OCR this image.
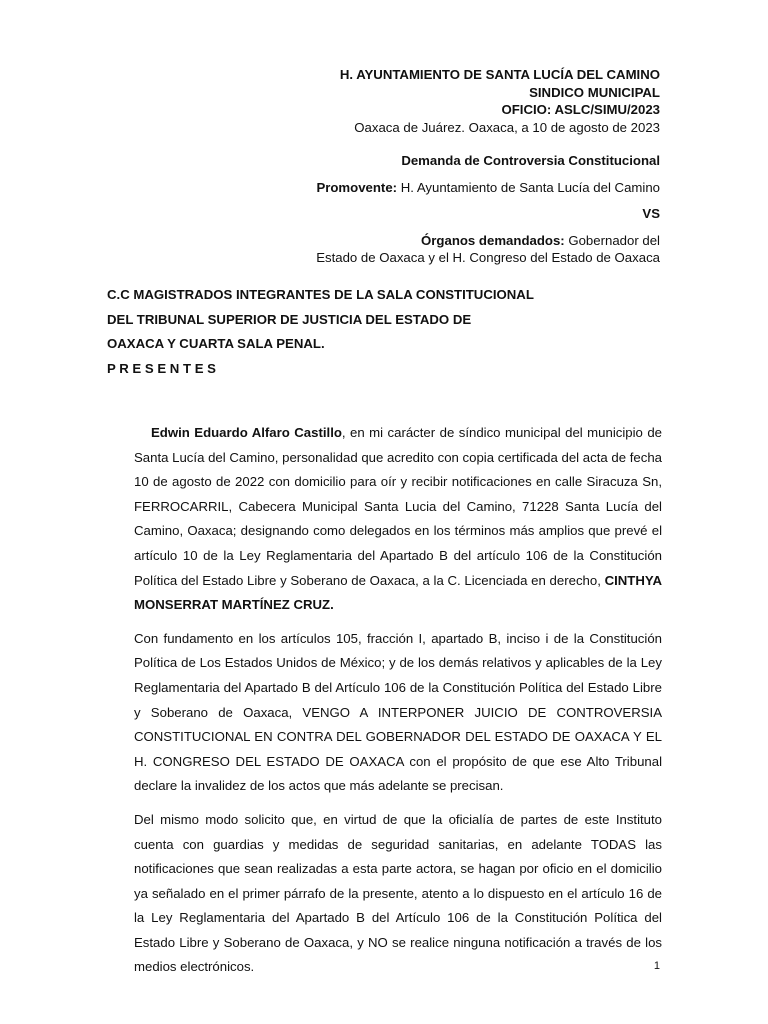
H. AYUNTAMIENTO DE SANTA LUCÍA DEL CAMINO
SINDICO MUNICIPAL
OFICIO: ASLC/SIMU/2023
Oaxaca de Juárez. Oaxaca, a 10 de agosto de 2023
Demanda de Controversia Constitucional
Promovente: H. Ayuntamiento de Santa Lucía del Camino
VS
Órganos demandados: Gobernador del
Estado de Oaxaca y el H. Congreso del Estado de Oaxaca
C.C MAGISTRADOS INTEGRANTES DE LA SALA CONSTITUCIONAL
DEL TRIBUNAL SUPERIOR DE JUSTICIA DEL ESTADO DE
OAXACA Y CUARTA SALA PENAL.
P R E S E N T E S

Edwin Eduardo Alfaro Castillo, en mi carácter de síndico municipal del municipio de Santa Lucía del Camino, personalidad que acredito con copia certificada del acta de fecha 10 de agosto de 2022 con domicilio para oír y recibir notificaciones en calle Siracuza Sn, FERROCARRIL, Cabecera Municipal Santa Lucia del Camino, 71228 Santa Lucía del Camino, Oaxaca; designando como delegados en los términos más amplios que prevé el artículo 10 de la Ley Reglamentaria del Apartado B del artículo 106 de la Constitución Política del Estado Libre y Soberano de Oaxaca, a la C. Licenciada en derecho, CINTHYA MONSERRAT MARTÍNEZ CRUZ.

Con fundamento en los artículos 105, fracción I, apartado B, inciso i de la Constitución Política de Los Estados Unidos de México; y de los demás relativos y aplicables de la Ley Reglamentaria del Apartado B del Artículo 106 de la Constitución Política del Estado Libre y Soberano de Oaxaca, VENGO A INTERPONER JUICIO DE CONTROVERSIA CONSTITUCIONAL EN CONTRA DEL GOBERNADOR DEL ESTADO DE OAXACA Y EL H. CONGRESO DEL ESTADO DE OAXACA con el propósito de que ese Alto Tribunal declare la invalidez de los actos que más adelante se precisan.

Del mismo modo solicito que, en virtud de que la oficialía de partes de este Instituto cuenta con guardias y medidas de seguridad sanitarias, en adelante TODAS las notificaciones que sean realizadas a esta parte actora, se hagan por oficio en el domicilio ya señalado en el primer párrafo de la presente, atento a lo dispuesto en el artículo 16 de la Ley Reglamentaria del Apartado B del Artículo 106 de la Constitución Política del Estado Libre y Soberano de Oaxaca, y NO se realice ninguna notificación a través de los medios electrónicos.	1
